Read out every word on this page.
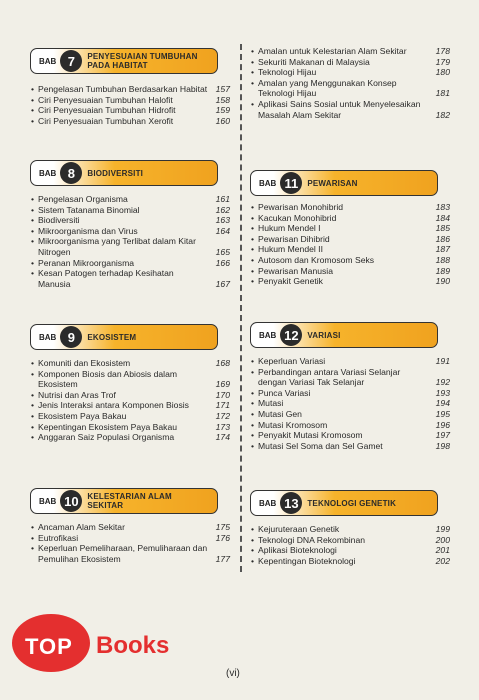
BAB 7	PENYESUAIAN TUMBUHAN
PADA HABITAT
• Pengelasan Tumbuhan Berdasarkan Habitat 157
• Ciri Penyesuaian Tumbuhan Halofit	158
• Ciri Penyesuaian Tumbuhan Hidrofit	159
• Ciri Penyesuaian Tumbuhan Xerofit	160
BAB 8	BIODIVERSITI
• Pengelasan Organisma	161
• Sistem Tatanama Binomial	162
• Biodiversiti	163
• Mikroorganisma dan Virus	164
• Mikroorganisma yang Terlibat dalam Kitar Nitrogen	165
• Peranan Mikroorganisma	166
• Kesan Patogen terhadap Kesihatan Manusia	167
BAB 9	EKOSISTEM
• Komuniti dan Ekosistem	168
• Komponen Biosis dan Abiosis dalam Ekosistem	169
• Nutrisi dan Aras Trof	170
• Jenis Interaksi antara Komponen Biosis	171
• Ekosistem Paya Bakau	172
• Kepentingan Ekosistem Paya Bakau	173
• Anggaran Saiz Populasi Organisma	174
BAB 10	KELESTARIAN ALAM
SEKITAR
• Ancaman Alam Sekitar	175
• Eutrofikasi	176
• Keperluan Pemeliharaan, Pemuliharaan dan Pemulihan Ekosistem	177
• Amalan untuk Kelestarian Alam Sekitar	178
• Sekuriti Makanan di Malaysia	179
• Teknologi Hijau	180
• Amalan yang Menggunakan Konsep Teknologi Hijau	181
• Aplikasi Sains Sosial untuk Menyelesaikan Masalah Alam Sekitar	182
BAB 11	PEWARISAN
• Pewarisan Monohibrid	183
• Kacukan Monohibrid	184
• Hukum Mendel I	185
• Pewarisan Dihibrid	186
• Hukum Mendel II	187
• Autosom dan Kromosom Seks	188
• Pewarisan Manusia	189
• Penyakit Genetik	190
BAB 12	VARIASI
• Keperluan Variasi	191
• Perbandingan antara Variasi Selanjar dengan Variasi Tak Selanjar	192
• Punca Variasi	193
• Mutasi	194
• Mutasi Gen	195
• Mutasi Kromosom	196
• Penyakit Mutasi Kromosom	197
• Mutasi Sel Soma dan Sel Gamet	198
BAB 13	TEKNOLOGI GENETIK
• Kejuruteraan Genetik	199
• Teknologi DNA Rekombinan	200
• Aplikasi Bioteknologi	201
• Kepentingan Bioteknologi	202
TOP Books
(vi)
